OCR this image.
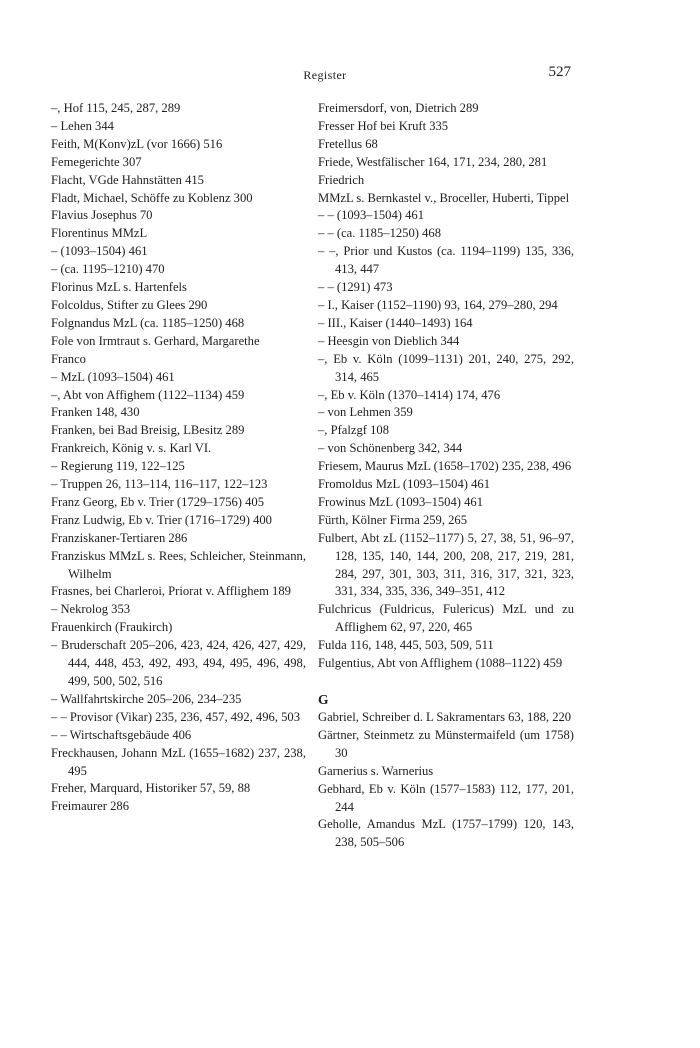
Register	527
–, Hof 115, 245, 287, 289
– Lehen 344
Feith, M(Konv)zL (vor 1666) 516
Femegerichte 307
Flacht, VGde Hahnstätten 415
Fladt, Michael, Schöffe zu Koblenz 300
Flavius Josephus 70
Florentinus MMzL
– (1093–1504) 461
– (ca. 1195–1210) 470
Florinus MzL s. Hartenfels
Folcoldus, Stifter zu Glees 290
Folgnandus MzL (ca. 1185–1250) 468
Fole von Irmtraut s. Gerhard, Margarethe
Franco
– MzL (1093–1504) 461
–, Abt von Affighem (1122–1134) 459
Franken 148, 430
Franken, bei Bad Breisig, LBesitz 289
Frankreich, König v. s. Karl VI.
– Regierung 119, 122–125
– Truppen 26, 113–114, 116–117, 122–123
Franz Georg, Eb v. Trier (1729–1756) 405
Franz Ludwig, Eb v. Trier (1716–1729) 400
Franziskaner-Tertiaren 286
Franziskus MMzL s. Rees, Schleicher, Steinmann, Wilhelm
Frasnes, bei Charleroi, Priorat v. Afflighem 189
– Nekrolog 353
Frauenkirch (Fraukirch)
– Bruderschaft 205–206, 423, 424, 426, 427, 429, 444, 448, 453, 492, 493, 494, 495, 496, 498, 499, 500, 502, 516
– Wallfahrtskirche 205–206, 234–235
– – Provisor (Vikar) 235, 236, 457, 492, 496, 503
– – Wirtschaftsgebäude 406
Freckhausen, Johann MzL (1655–1682) 237, 238, 495
Freher, Marquard, Historiker 57, 59, 88
Freimaurer 286
Freimersdorf, von, Dietrich 289
Fresser Hof bei Kruft 335
Fretellus 68
Friede, Westfälischer 164, 171, 234, 280, 281
Friedrich
MMzL s. Bernkastel v., Broceller, Huberti, Tippel
– – (1093–1504) 461
– – (ca. 1185–1250) 468
– –, Prior und Kustos (ca. 1194–1199) 135, 336, 413, 447
– – (1291) 473
– I., Kaiser (1152–1190) 93, 164, 279–280, 294
– III., Kaiser (1440–1493) 164
– Heesgin von Dieblich 344
–, Eb v. Köln (1099–1131) 201, 240, 275, 292, 314, 465
–, Eb v. Köln (1370–1414) 174, 476
– von Lehmen 359
–, Pfalzgf 108
– von Schönenberg 342, 344
Friesem, Maurus MzL (1658–1702) 235, 238, 496
Fromoldus MzL (1093–1504) 461
Frowinus MzL (1093–1504) 461
Fürth, Kölner Firma 259, 265
Fulbert, Abt zL (1152–1177) 5, 27, 38, 51, 96–97, 128, 135, 140, 144, 200, 208, 217, 219, 281, 284, 297, 301, 303, 311, 316, 317, 321, 323, 331, 334, 335, 336, 349–351, 412
Fulchricus (Fuldricus, Fulericus) MzL und zu Afflighem 62, 97, 220, 465
Fulda 116, 148, 445, 503, 509, 511
Fulgentius, Abt von Afflighem (1088–1122) 459
G
Gabriel, Schreiber d. L Sakramentars 63, 188, 220
Gärtner, Steinmetz zu Münstermaifeld (um 1758) 30
Garnerius s. Warnerius
Gebhard, Eb v. Köln (1577–1583) 112, 177, 201, 244
Geholle, Amandus MzL (1757–1799) 120, 143, 238, 505–506
